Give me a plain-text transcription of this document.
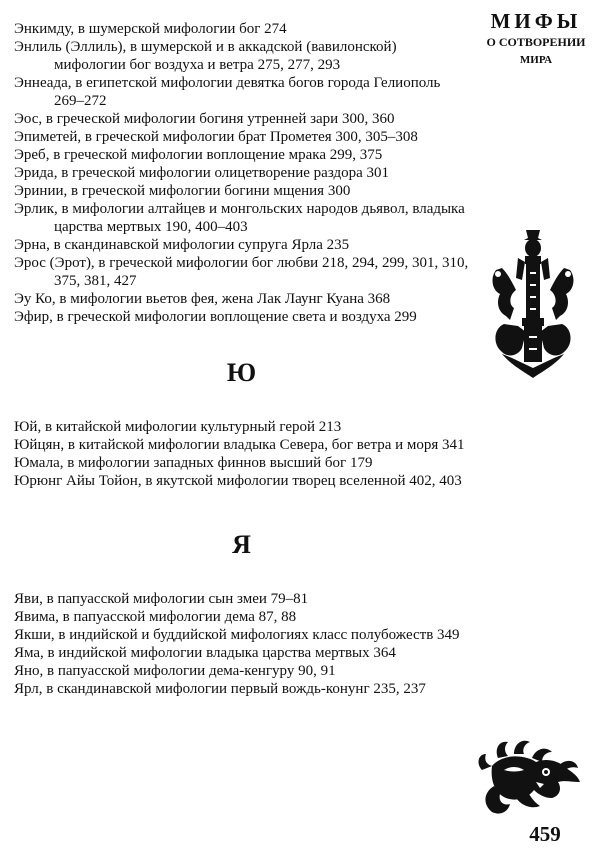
Энкимду, в шумерской мифологии бог 274

Энлиль (Эллиль), в шумерской и в аккадской (вавилонской) мифологии бог воздуха и ветра 275, 277, 293

Эннеада, в египетской мифологии девятка богов города Гелиополь 269–272

Эос, в греческой мифологии богиня утренней зари 300, 360

Эпиметей, в греческой мифологии брат Прометея 300, 305–308

Эреб, в греческой мифологии воплощение мрака 299, 375

Эрида, в греческой мифологии олицетворение раздора 301

Эринии, в греческой мифологии богини мщения 300

Эрлик, в мифологии алтайцев и монгольских народов дьявол, владыка царства мертвых 190, 400–403

Эрна, в скандинавской мифологии супруга Ярла 235

Эрос (Эрот), в греческой мифологии бог любви 218, 294, 299, 301, 310, 375, 381, 427

Эу Ко, в мифологии вьетов фея, жена Лак Лаунг Куана 368

Эфир, в греческой мифологии воплощение света и воздуха 299

Ю

Юй, в китайской мифологии культурный герой 213

Юйцян, в китайской мифологии владыка Севера, бог ветра и моря 341

Юмала, в мифологии западных финнов высший бог 179

Юрюнг Айы Тойон, в якутской мифологии творец вселенной 402, 403

Я

Яви, в папуасской мифологии сын змеи 79–81

Явима, в папуасской мифологии дема 87, 88

Якши, в индийской и буддийской мифологиях класс полубожеств 349

Яма, в индийской мифологии владыка царства мертвых 364

Яно, в папуасской мифологии дема-кенгуру 90, 91

Ярл, в скандинавской мифологии первый вождь-конунг 235, 237

МИФЫ
О СОТВОРЕНИИ
МИРА
459
